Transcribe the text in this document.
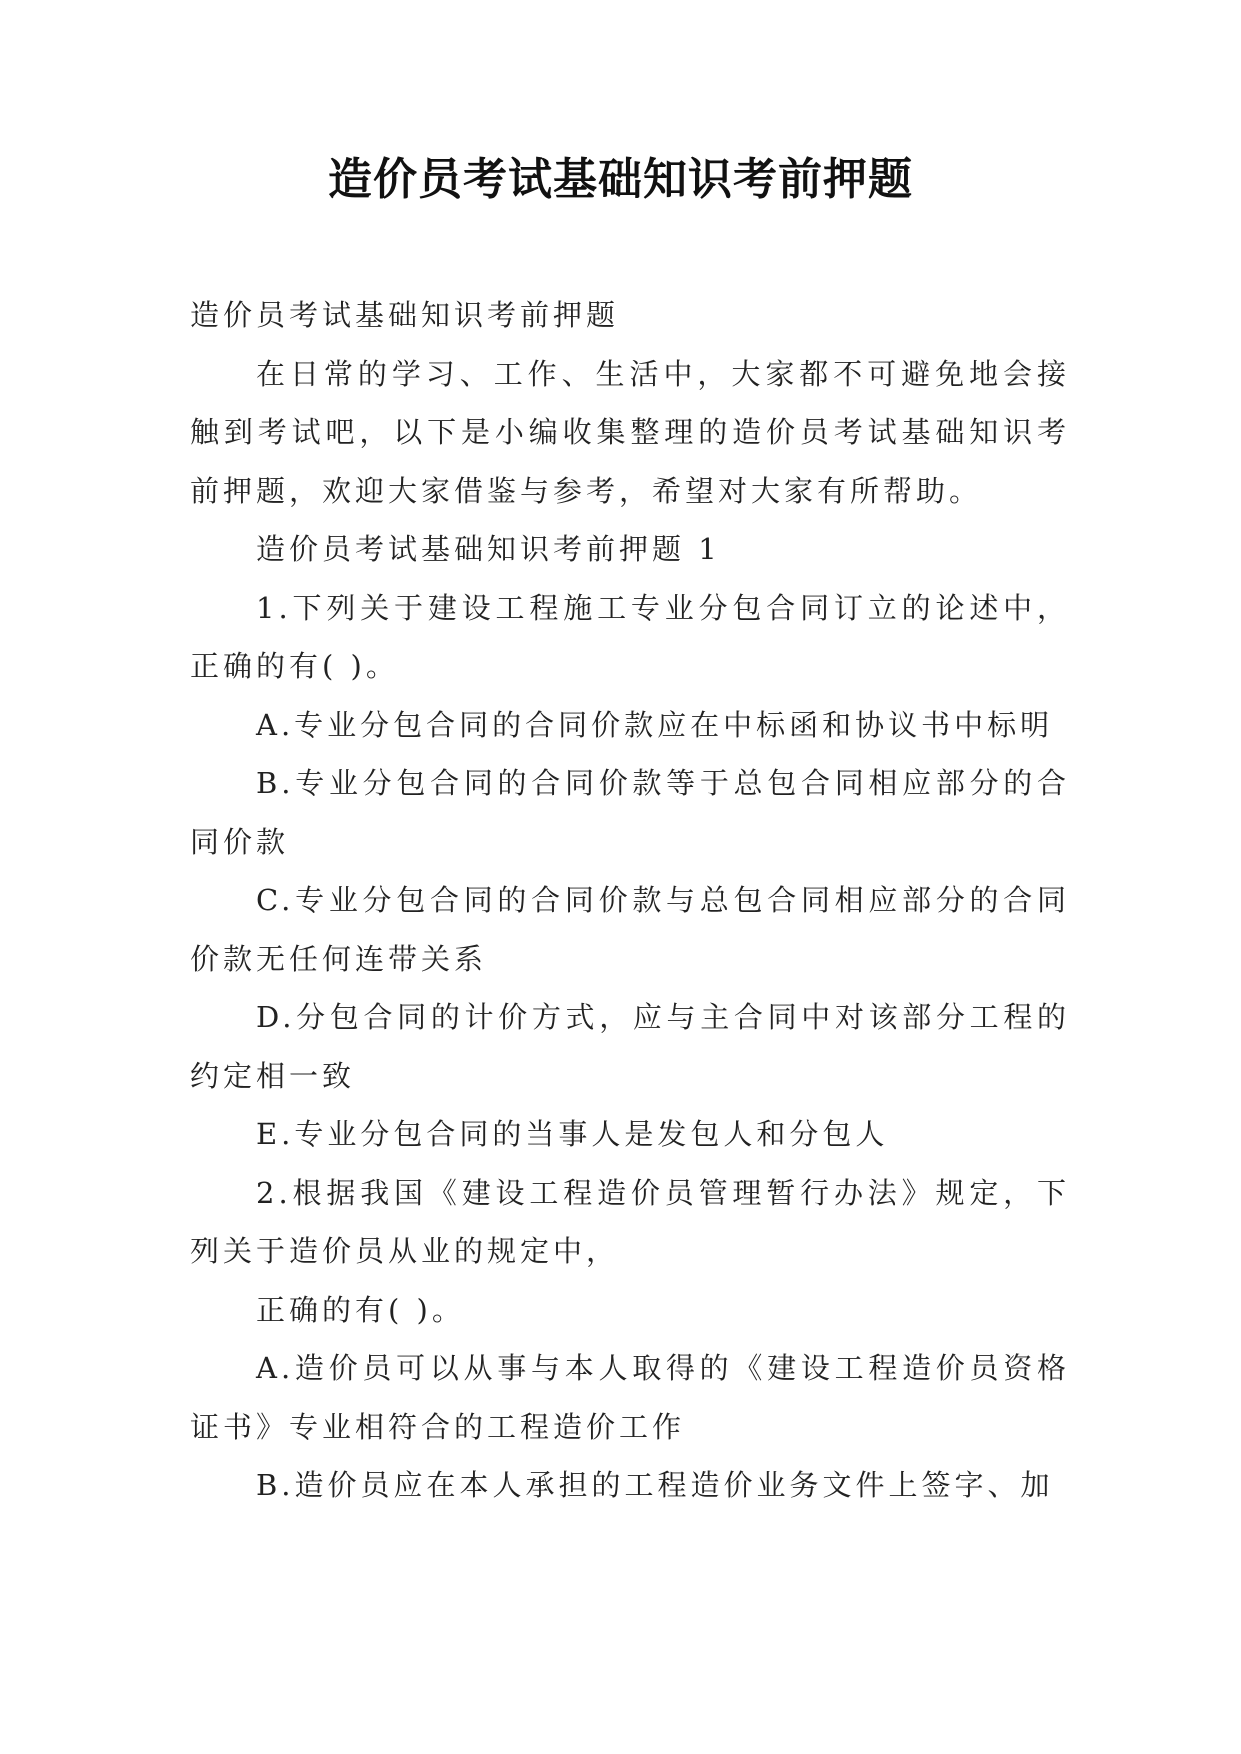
造价员考试基础知识考前押题

造价员考试基础知识考前押题

在日常的学习、工作、生活中，大家都不可避免地会接触到考试吧，以下是小编收集整理的造价员考试基础知识考前押题，欢迎大家借鉴与参考，希望对大家有所帮助。

造价员考试基础知识考前押题 1

1.下列关于建设工程施工专业分包合同订立的论述中，正确的有( )。

A.专业分包合同的合同价款应在中标函和协议书中标明

B.专业分包合同的合同价款等于总包合同相应部分的合同价款

C.专业分包合同的合同价款与总包合同相应部分的合同价款无任何连带关系

D.分包合同的计价方式，应与主合同中对该部分工程的约定相一致

E.专业分包合同的当事人是发包人和分包人

2.根据我国《建设工程造价员管理暂行办法》规定，下列关于造价员从业的规定中，

正确的有( )。

A.造价员可以从事与本人取得的《建设工程造价员资格证书》专业相符合的工程造价工作

B.造价员应在本人承担的工程造价业务文件上签字、加
